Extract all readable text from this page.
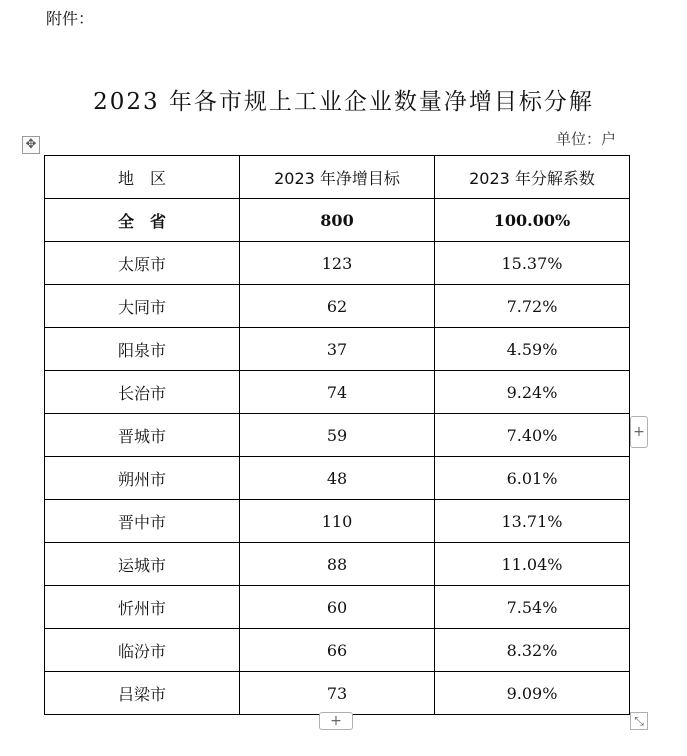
附件：
2023 年各市规上工业企业数量净增目标分解
单位：户
✥
地　区	2023 年净增目标	2023 年分解系数
全　省	800	100.00%
太原市	123	15.37%
大同市	62	7.72%
阳泉市	37	4.59%
长治市	74	9.24%
晋城市	59	7.40%
朔州市	48	6.01%
晋中市	110	13.71%
运城市	88	11.04%
忻州市	60	7.54%
临汾市	66	8.32%
吕梁市	73	9.09%
+
+	⤡
